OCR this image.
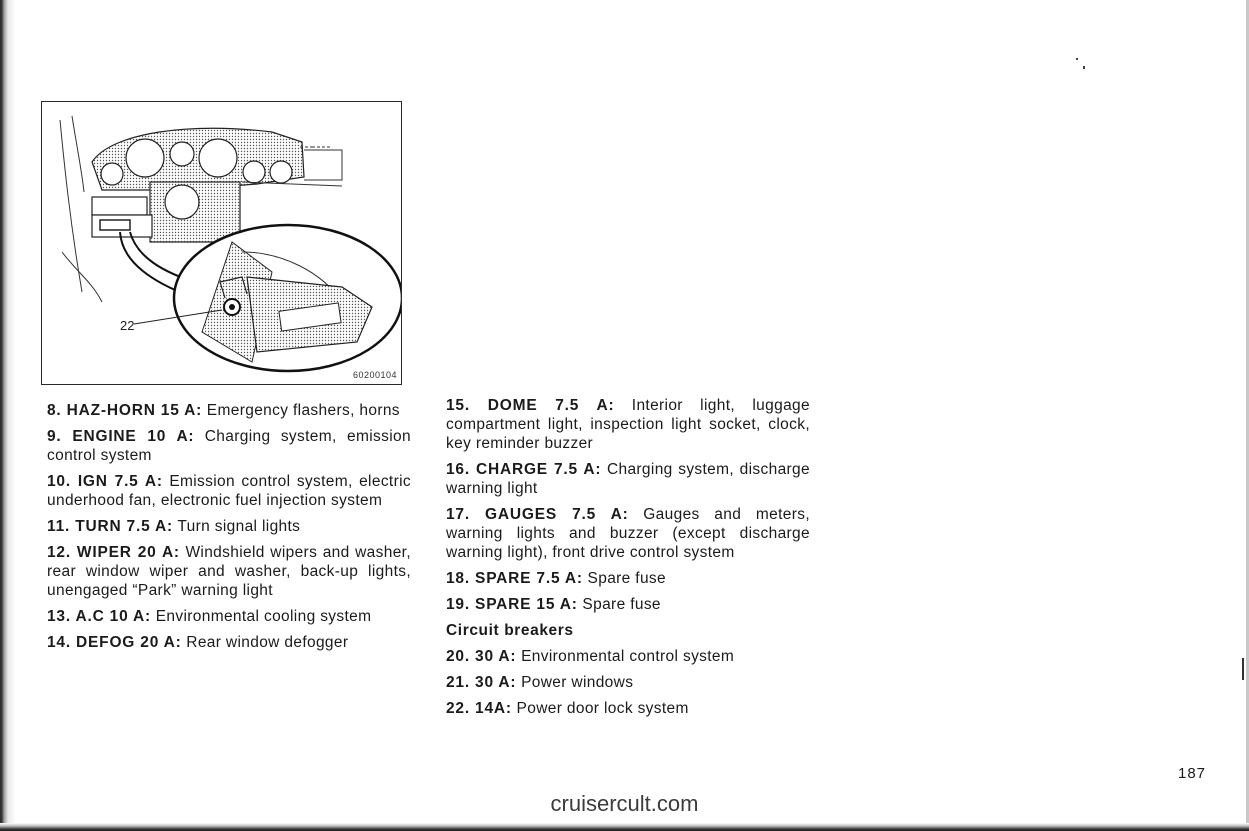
22
60200104

8. HAZ-HORN 15 A: Emergency flashers, horns

9. ENGINE 10 A: Charging system, emission control system

10. IGN 7.5 A: Emission control system, electric underhood fan, electronic fuel injection system

11. TURN 7.5 A: Turn signal lights

12. WIPER 20 A: Windshield wipers and washer, rear window wiper and washer, back-up lights, unengaged “Park” warning light

13. A.C 10 A: Environmental cooling system

14. DEFOG 20 A: Rear window defogger

15. DOME 7.5 A: Interior light, luggage compartment light, inspection light socket, clock, key reminder buzzer

16. CHARGE 7.5 A: Charging system, discharge warning light

17. GAUGES 7.5 A: Gauges and meters, warning lights and buzzer (except discharge warning light), front drive control system

18. SPARE 7.5 A: Spare fuse

19. SPARE 15 A: Spare fuse

Circuit breakers

20. 30 A: Environmental control system

21. 30 A: Power windows

22. 14A: Power door lock system

187
cruisercult.com
